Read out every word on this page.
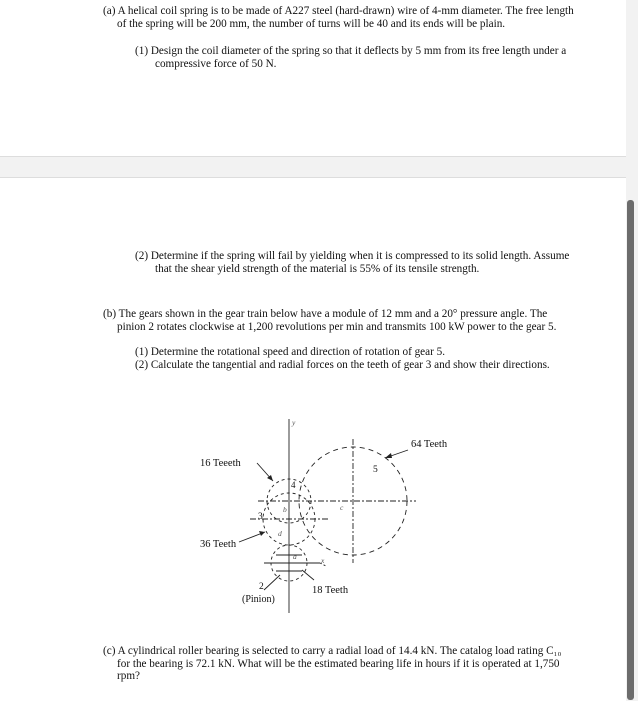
(a) A helical coil spring is to be made of A227 steel (hard-drawn) wire of 4-mm diameter. The free length of the spring will be 200 mm, the number of turns will be 40 and its ends will be plain.

(1) Design the coil diameter of the spring so that it deflects by 5 mm from its free length under a compressive force of 50 N.

(2) Determine if the spring will fail by yielding when it is compressed to its solid length. Assume that the shear yield strength of the material is 55% of its tensile strength.

(b) The gears shown in the gear train below have a module of 12 mm and a 20° pressure angle. The pinion 2 rotates clockwise at 1,200 revolutions per min and transmits 100 kW power to the gear 5.

(1) Determine the rotational speed and direction of rotation of gear 5.

(2) Calculate the tangential and radial forces on the teeth of gear 3 and show their directions.

64 Teeth
16 Teeeth
36 Teeth
18 Teeth
(Pinion)
2
3
4
5
y
x
a
b	c
d

(c) A cylindrical roller bearing is selected to carry a radial load of 14.4 kN. The catalog load rating C₁₀ for the bearing is 72.1 kN. What will be the estimated bearing life in hours if it is operated at 1,750 rpm?
